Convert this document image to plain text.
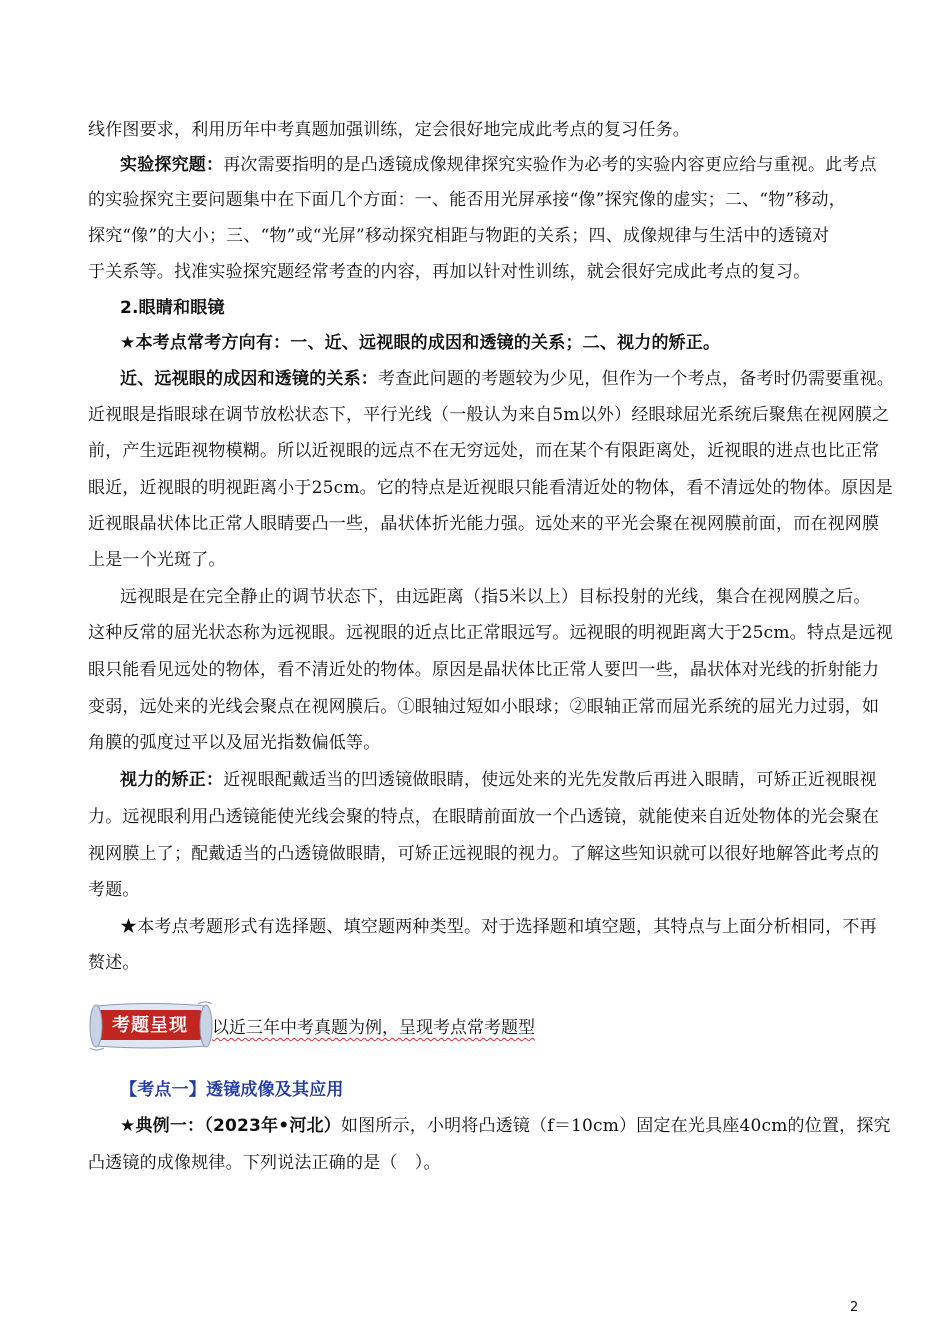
线作图要求，利用历年中考真题加强训练，定会很好地完成此考点的复习任务。
实验探究题：再次需要指明的是凸透镜成像规律探究实验作为必考的实验内容更应给与重视。此考点
的实验探究主要问题集中在下面几个方面：一、能否用光屏承接“像”探究像的虚实；二、“物”移动，
探究“像”的大小；三、“物”或“光屏”移动探究相距与物距的关系；四、成像规律与生活中的透镜对
于关系等。找准实验探究题经常考查的内容，再加以针对性训练，就会很好完成此考点的复习。
2.眼睛和眼镜
★本考点常考方向有：一、近、远视眼的成因和透镜的关系；二、视力的矫正。
近、远视眼的成因和透镜的关系：考查此问题的考题较为少见，但作为一个考点，备考时仍需要重视。
近视眼是指眼球在调节放松状态下，平行光线（一般认为来自5m以外）经眼球屈光系统后聚焦在视网膜之
前，产生远距视物模糊。所以近视眼的远点不在无穷远处，而在某个有限距离处，近视眼的进点也比正常
眼近，近视眼的明视距离小于25cm。它的特点是近视眼只能看清近处的物体，看不清远处的物体。原因是
近视眼晶状体比正常人眼睛要凸一些，晶状体折光能力强。远处来的平光会聚在视网膜前面，而在视网膜
上是一个光斑了。
远视眼是在完全静止的调节状态下，由远距离（指5米以上）目标投射的光线，集合在视网膜之后。
这种反常的屈光状态称为远视眼。远视眼的近点比正常眼远写。远视眼的明视距离大于25cm。特点是远视
眼只能看见远处的物体，看不清近处的物体。原因是晶状体比正常人要凹一些，晶状体对光线的折射能力
变弱，远处来的光线会聚点在视网膜后。①眼轴过短如小眼球；②眼轴正常而屈光系统的屈光力过弱，如
角膜的弧度过平以及屈光指数偏低等。
视力的矫正：近视眼配戴适当的凹透镜做眼睛，使远处来的光先发散后再进入眼睛，可矫正近视眼视
力。远视眼利用凸透镜能使光线会聚的特点，在眼睛前面放一个凸透镜，就能使来自近处物体的光会聚在
视网膜上了；配戴适当的凸透镜做眼睛，可矫正远视眼的视力。了解这些知识就可以很好地解答此考点的
考题。
★本考点考题形式有选择题、填空题两种类型。对于选择题和填空题，其特点与上面分析相同，不再
赘述。
考题呈现	以近三年中考真题为例，呈现考点常考题型
【考点一】透镜成像及其应用
★典例一：（2023年•河北）如图所示，小明将凸透镜（f＝10cm）固定在光具座40cm的位置，探究
凸透镜的成像规律。下列说法正确的是（　）。
2
